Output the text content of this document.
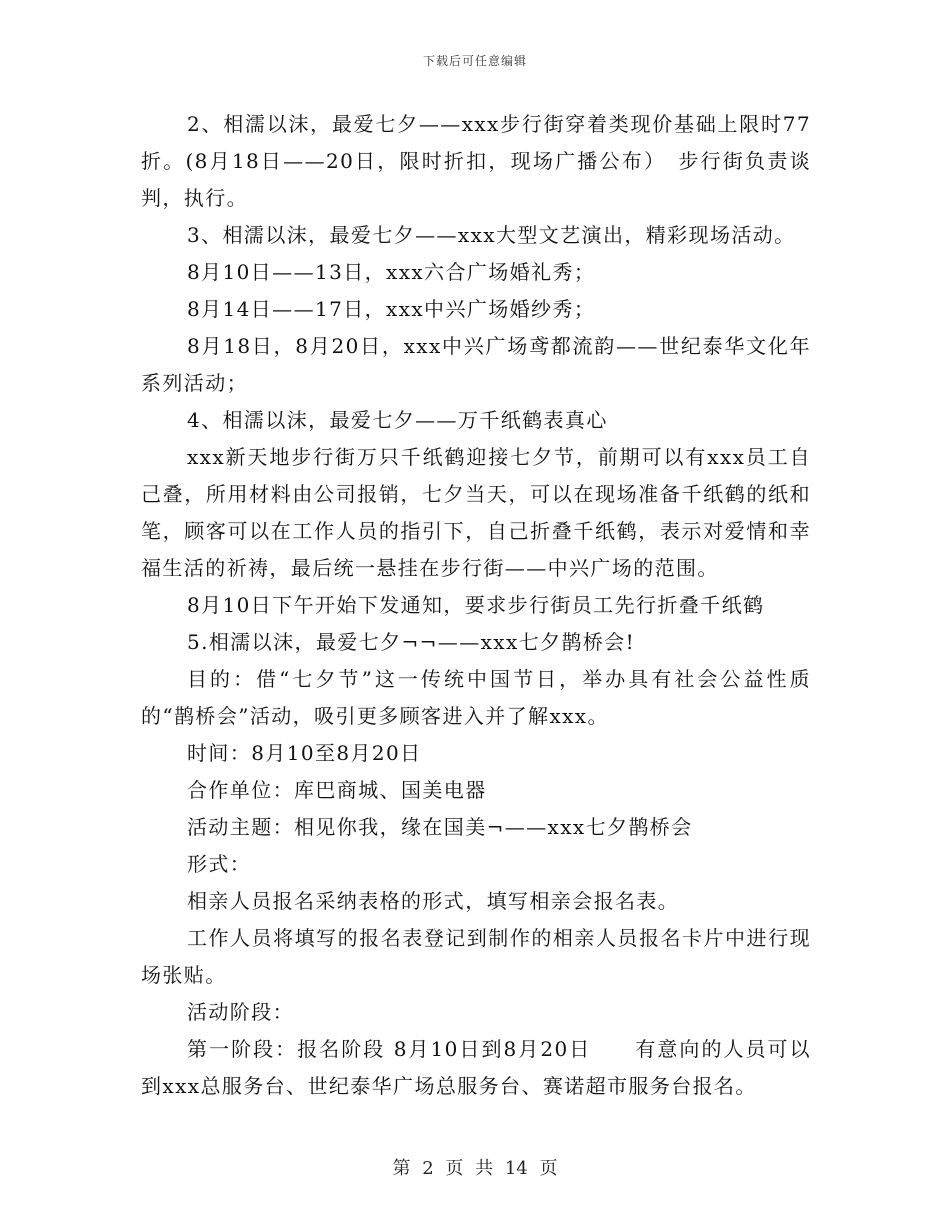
下载后可任意编辑

2、相濡以沫，最爱七夕——xxx步行街穿着类现价基础上限时77折。(8月18日——20日，限时折扣，现场广播公布）　步行街负责谈判，执行。

3、相濡以沫，最爱七夕——xxx大型文艺演出，精彩现场活动。

8月10日——13日，xxx六合广场婚礼秀；

8月14日——17日，xxx中兴广场婚纱秀；

8月18日，8月20日，xxx中兴广场鸢都流韵——世纪泰华文化年系列活动；

4、相濡以沫，最爱七夕——万千纸鹤表真心

xxx新天地步行街万只千纸鹤迎接七夕节，前期可以有xxx员工自己叠，所用材料由公司报销，七夕当天，可以在现场准备千纸鹤的纸和笔，顾客可以在工作人员的指引下，自己折叠千纸鹤，表示对爱情和幸福生活的祈祷，最后统一悬挂在步行街——中兴广场的范围。

8月10日下午开始下发通知，要求步行街员工先行折叠千纸鹤

5.相濡以沫，最爱七夕¬¬——xxx七夕鹊桥会!

目的：借“七夕节”这一传统中国节日，举办具有社会公益性质的“鹊桥会”活动，吸引更多顾客进入并了解xxx。

时间：8月10至8月20日

合作单位：库巴商城、国美电器

活动主题：相见你我，缘在国美¬——xxx七夕鹊桥会

形式：

相亲人员报名采纳表格的形式，填写相亲会报名表。

工作人员将填写的报名表登记到制作的相亲人员报名卡片中进行现场张贴。

活动阶段：

第一阶段：报名阶段 8月10日到8月20日　　有意向的人员可以到xxx总服务台、世纪泰华广场总服务台、赛诺超市服务台报名。

第 2 页 共 14 页
